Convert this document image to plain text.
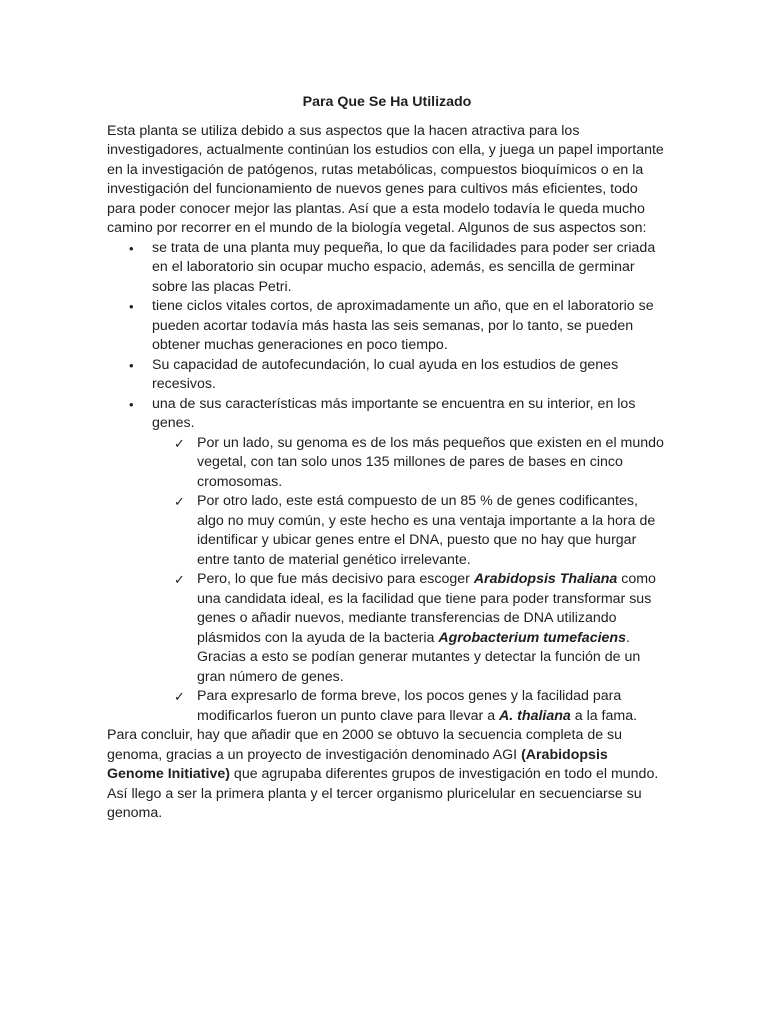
Para Que Se Ha Utilizado

Esta planta se utiliza debido a sus aspectos que la hacen atractiva para los investigadores, actualmente continúan los estudios con ella, y juega un papel importante en la investigación de patógenos, rutas metabólicas, compuestos bioquímicos o en la investigación del funcionamiento de nuevos genes para cultivos más eficientes, todo para poder conocer mejor las plantas. Así que a esta modelo todavía le queda mucho camino por recorrer en el mundo de la biología vegetal. Algunos de sus aspectos son:

• se trata de una planta muy pequeña, lo que da facilidades para poder ser criada en el laboratorio sin ocupar mucho espacio, además, es sencilla de germinar sobre las placas Petri.
• tiene ciclos vitales cortos, de aproximadamente un año, que en el laboratorio se pueden acortar todavía más hasta las seis semanas, por lo tanto, se pueden obtener muchas generaciones en poco tiempo.
• Su capacidad de autofecundación, lo cual ayuda en los estudios de genes recesivos.
• una de sus características más importante se encuentra en su interior, en los genes.
✓ Por un lado, su genoma es de los más pequeños que existen en el mundo vegetal, con tan solo unos 135 millones de pares de bases en cinco cromosomas.
✓ Por otro lado, este está compuesto de un 85 % de genes codificantes, algo no muy común, y este hecho es una ventaja importante a la hora de identificar y ubicar genes entre el DNA, puesto que no hay que hurgar entre tanto de material genético irrelevante.
✓ Pero, lo que fue más decisivo para escoger Arabidopsis Thaliana como una candidata ideal, es la facilidad que tiene para poder transformar sus genes o añadir nuevos, mediante transferencias de DNA utilizando plásmidos con la ayuda de la bacteria Agrobacterium tumefaciens. Gracias a esto se podían generar mutantes y detectar la función de un gran número de genes.
✓ Para expresarlo de forma breve, los pocos genes y la facilidad para modificarlos fueron un punto clave para llevar a A. thaliana a la fama.

Para concluir, hay que añadir que en 2000 se obtuvo la secuencia completa de su genoma, gracias a un proyecto de investigación denominado AGI (Arabidopsis Genome Initiative) que agrupaba diferentes grupos de investigación en todo el mundo. Así llego a ser la primera planta y el tercer organismo pluricelular en secuenciarse su genoma.
